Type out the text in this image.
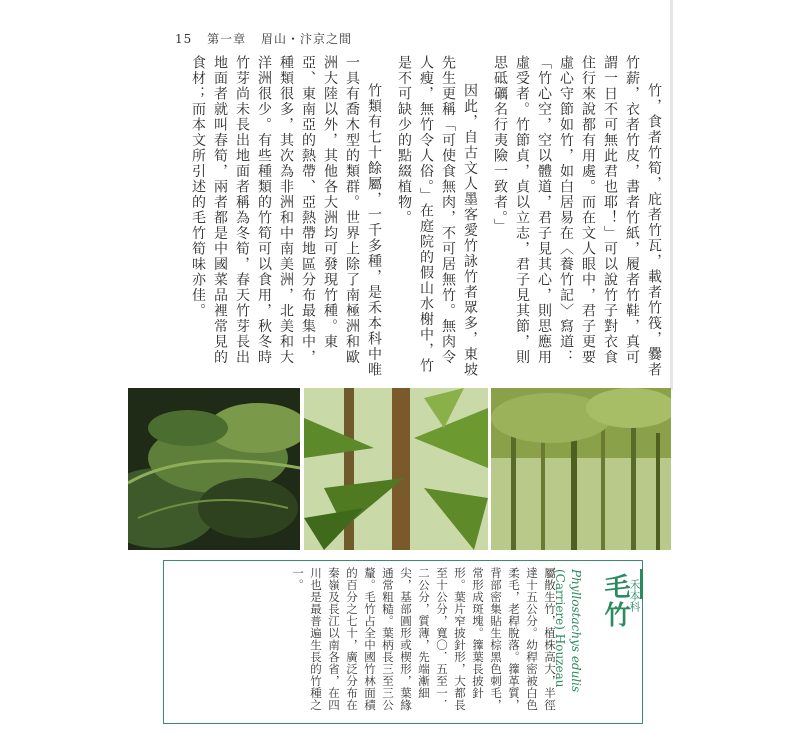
15 第一章 眉山・汴京之間

竹，食者竹筍，庇者竹瓦，載者竹筏，爨者竹薪，衣者竹皮，書者竹紙，履者竹鞋，真可謂一日不可無此君也耶！」可以說竹子對衣食住行來說都有用處。而在文人眼中，君子更要虛心守節如竹，如白居易在〈養竹記〉寫道：「竹心空，空以體道，君子見其心，則思應用虛受者。竹節貞，貞以立志，君子見其節，則思砥礪名行夷險一致者。」

因此，自古文人墨客愛竹詠竹者眾多，東坡先生更稱「可使食無肉，不可居無竹。無肉令人瘦，無竹令人俗。」在庭院的假山水榭中，竹是不可缺少的點綴植物。

竹類有七十餘屬，一千多種，是禾本科中唯一具有喬木型的類群。世界上除了南極洲和歐洲大陸以外，其他各大洲均可發現竹種。東亞、東南亞的熱帶、亞熱帶地區分布最集中，種類很多，其次為非洲和中南美洲，北美和大洋洲很少。有些種類的竹筍可以食用，秋冬時竹芽尚未長出地面者稱為冬筍，春天竹芽長出地面者就叫春筍，兩者都是中國菜品裡常見的食材；而本文所引述的毛竹筍味亦佳。

毛竹
禾本科
Phyllostachys edulis
(Carriere) Houzeau
屬散生竹，植株高大，半徑達十五公分。幼稈密被白色柔毛，老稈脫落。籜革質，背部密集貼生棕黑色刺毛，常形成斑塊。籜葉長披針形。葉片窄披針形，大都長至十公分，寬〇．五至一．二公分，質薄，先端漸細尖，基部圓形或楔形，葉緣通常粗糙。葉柄長三至三公釐。毛竹占全中國竹林面積的百分之七十，廣泛分布在秦嶺及長江以南各省，在四川也是最普遍生長的竹種之一。
